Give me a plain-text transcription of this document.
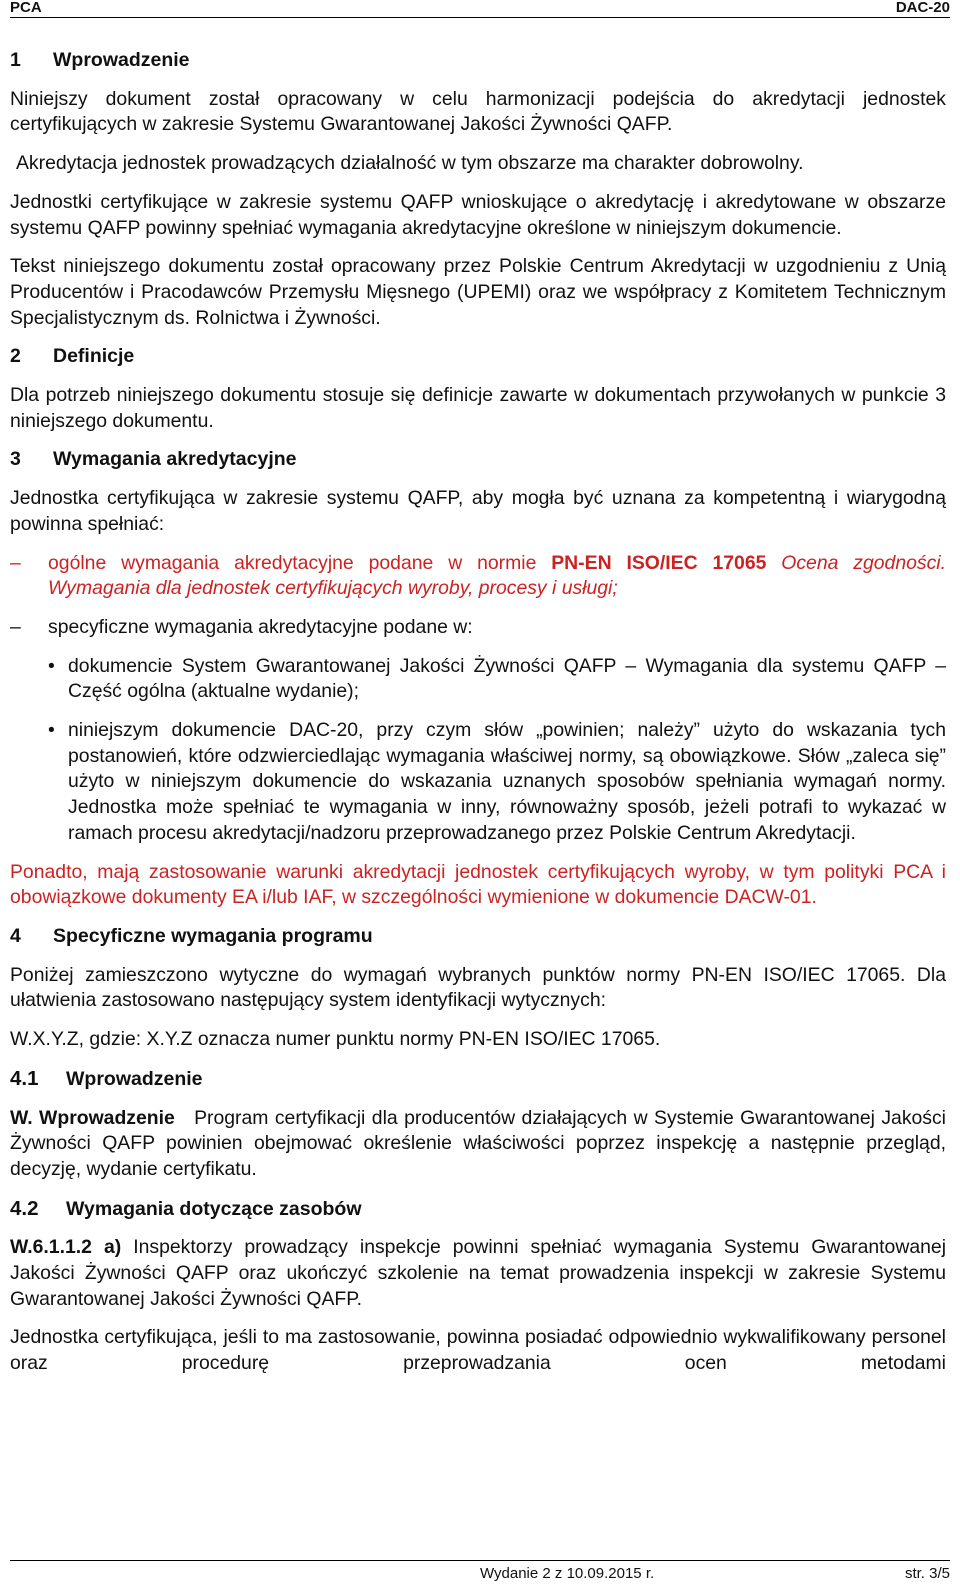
PCA	DAC-20
1 Wprowadzenie

Niniejszy dokument został opracowany w celu harmonizacji podejścia do akredytacji jednostek certyfikujących w zakresie Systemu Gwarantowanej Jakości Żywności QAFP.

Akredytacja jednostek prowadzących działalność w tym obszarze ma charakter dobrowolny.

Jednostki certyfikujące w zakresie systemu QAFP wnioskujące o akredytację i akredytowane w obszarze systemu QAFP powinny spełniać wymagania akredytacyjne określone w niniejszym dokumencie.

Tekst niniejszego dokumentu został opracowany przez Polskie Centrum Akredytacji w uzgodnieniu z Unią Producentów i Pracodawców Przemysłu Mięsnego (UPEMI) oraz we współpracy z Komitetem Technicznym Specjalistycznym ds. Rolnictwa i Żywności.

2 Definicje

Dla potrzeb niniejszego dokumentu stosuje się definicje zawarte w dokumentach przywołanych w punkcie 3 niniejszego dokumentu.

3 Wymagania akredytacyjne

Jednostka certyfikująca w zakresie systemu QAFP, aby mogła być uznana za kompetentną i wiarygodną powinna spełniać:

– ogólne wymagania akredytacyjne podane w normie PN-EN ISO/IEC 17065 Ocena zgodności. Wymagania dla jednostek certyfikujących wyroby, procesy i usługi;
– specyficzne wymagania akredytacyjne podane w:
• dokumencie System Gwarantowanej Jakości Żywności QAFP – Wymagania dla systemu QAFP – Część ogólna (aktualne wydanie);
• niniejszym dokumencie DAC-20, przy czym słów „powinien; należy” użyto do wskazania tych postanowień, które odzwierciedlając wymagania właściwej normy, są obowiązkowe. Słów „zaleca się” użyto w niniejszym dokumencie do wskazania uznanych sposobów spełniania wymagań normy. Jednostka może spełniać te wymagania w inny, równoważny sposób, jeżeli potrafi to wykazać w ramach procesu akredytacji/nadzoru przeprowadzanego przez Polskie Centrum Akredytacji.

Ponadto, mają zastosowanie warunki akredytacji jednostek certyfikujących wyroby, w tym polityki PCA i obowiązkowe dokumenty EA i/lub IAF, w szczególności wymienione w dokumencie DACW-01.

4 Specyficzne wymagania programu

Poniżej zamieszczono wytyczne do wymagań wybranych punktów normy PN-EN ISO/IEC 17065. Dla ułatwienia zastosowano następujący system identyfikacji wytycznych:

W.X.Y.Z, gdzie: X.Y.Z oznacza numer punktu normy PN-EN ISO/IEC 17065.

4.1 Wprowadzenie

W. Wprowadzenie Program certyfikacji dla producentów działających w Systemie Gwarantowanej Jakości Żywności QAFP powinien obejmować określenie właściwości poprzez inspekcję a następnie przegląd, decyzję, wydanie certyfikatu.

4.2 Wymagania dotyczące zasobów

W.6.1.1.2 a) Inspektorzy prowadzący inspekcje powinni spełniać wymagania Systemu Gwarantowanej Jakości Żywności QAFP oraz ukończyć szkolenie na temat prowadzenia inspekcji w zakresie Systemu Gwarantowanej Jakości Żywności QAFP.

Jednostka certyfikująca, jeśli to ma zastosowanie, powinna posiadać odpowiednio wykwalifikowany personel oraz procedurę przeprowadzania ocen metodami

Wydanie 2 z 10.09.2015 r.	str. 3/5
